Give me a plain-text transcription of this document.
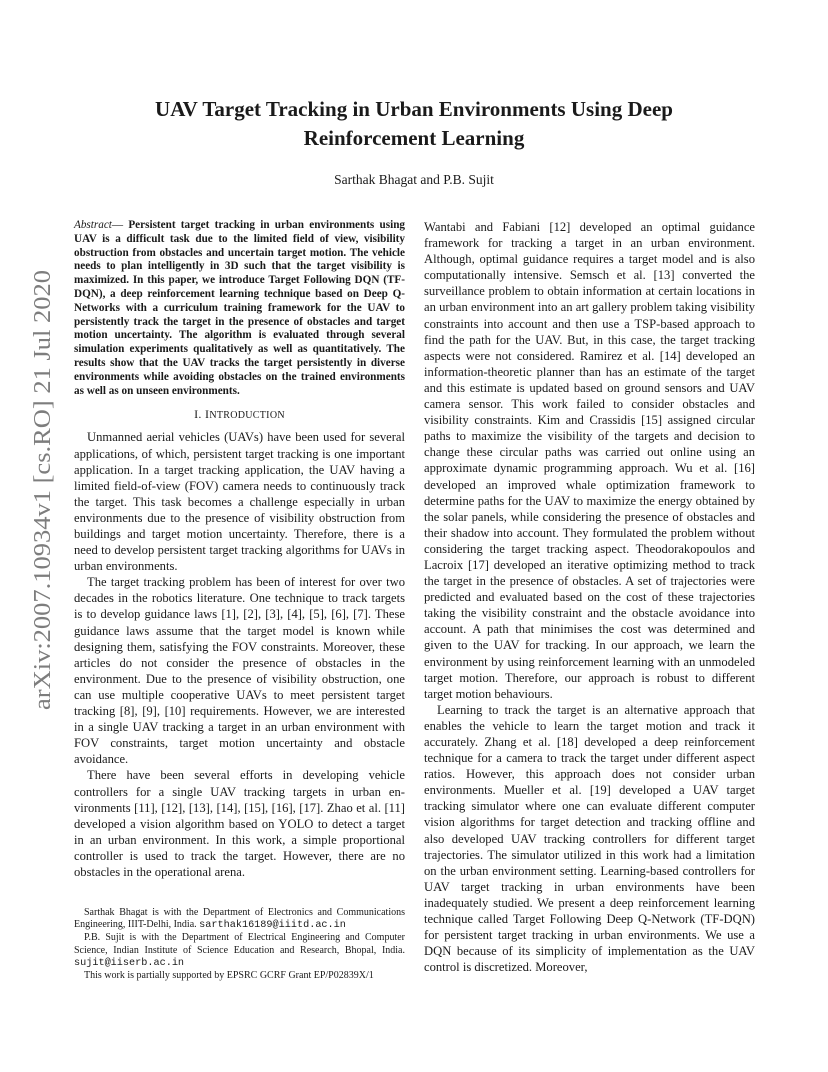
arXiv:2007.10934v1 [cs.RO] 21 Jul 2020
UAV Target Tracking in Urban Environments Using Deep Reinforcement Learning
Sarthak Bhagat and P.B. Sujit

Abstract— Persistent target tracking in urban environments using UAV is a difficult task due to the limited field of view, visibility obstruction from obstacles and uncertain target motion. The vehicle needs to plan intelligently in 3D such that the target visibility is maximized. In this paper, we introduce Target Following DQN (TF-DQN), a deep reinforcement learning technique based on Deep Q-Networks with a curriculum training framework for the UAV to persistently track the target in the presence of obstacles and target motion uncertainty. The algorithm is evaluated through several simulation experiments qualitatively as well as quantitatively. The results show that the UAV tracks the target persistently in diverse environments while avoiding obstacles on the trained environments as well as on unseen environments.

I. INTRODUCTION

Unmanned aerial vehicles (UAVs) have been used for several applications, of which, persistent target tracking is one important application. In a target tracking application, the UAV having a limited field-of-view (FOV) camera needs to continuously track the target. This task becomes a challenge especially in urban environments due to the presence of visibility obstruction from buildings and target motion uncertainty. Therefore, there is a need to develop persistent target tracking algorithms for UAVs in urban environments.

The target tracking problem has been of interest for over two decades in the robotics literature. One technique to track targets is to develop guidance laws [1], [2], [3], [4], [5], [6], [7]. These guidance laws assume that the target model is known while designing them, satisfying the FOV constraints. Moreover, these articles do not consider the presence of obstacles in the environment. Due to the presence of visibility obstruction, one can use multiple cooperative UAVs to meet persistent target tracking [8], [9], [10] requirements. However, we are interested in a single UAV tracking a target in an urban environment with FOV constraints, target motion uncertainty and obstacle avoidance.

There have been several efforts in developing vehicle controllers for a single UAV tracking targets in urban environments [11], [12], [13], [14], [15], [16], [17]. Zhao et al. [11] developed a vision algorithm based on YOLO to detect a target in an urban environment. In this work, a simple proportional controller is used to track the target. However, there are no obstacles in the operational arena.

Sarthak Bhagat is with the Department of Electronics and Communications Engineering, IIIT-Delhi, India. sarthak16189@iiitd.ac.in

P.B. Sujit is with the Department of Electrical Engineering and Computer Science, Indian Institute of Science Education and Research, Bhopal, India. sujit@iiserb.ac.in

This work is partially supported by EPSRC GCRF Grant EP/P02839X/1

Wantabi and Fabiani [12] developed an optimal guidance framework for tracking a target in an urban environment. Although, optimal guidance requires a target model and is also computationally intensive. Semsch et al. [13] converted the surveillance problem to obtain information at certain locations in an urban environment into an art gallery problem taking visibility constraints into account and then use a TSP-based approach to find the path for the UAV. But, in this case, the target tracking aspects were not considered. Ramirez et al. [14] developed an information-theoretic planner than has an estimate of the target and this estimate is updated based on ground sensors and UAV camera sensor. This work failed to consider obstacles and visibility constraints. Kim and Crassidis [15] assigned circular paths to maximize the visibility of the targets and decision to change these circular paths was carried out online using an approximate dynamic programming approach. Wu et al. [16] developed an improved whale optimization framework to determine paths for the UAV to maximize the energy obtained by the solar panels, while considering the presence of obstacles and their shadow into account. They formulated the problem without considering the target tracking aspect. Theodorakopoulos and Lacroix [17] developed an iterative optimizing method to track the target in the presence of obstacles. A set of trajectories were predicted and evaluated based on the cost of these trajectories taking the visibility constraint and the obstacle avoidance into account. A path that minimises the cost was determined and given to the UAV for tracking. In our approach, we learn the environment by using reinforcement learning with an unmodeled target motion. Therefore, our approach is robust to different target motion behaviours.

Learning to track the target is an alternative approach that enables the vehicle to learn the target motion and track it accurately. Zhang et al. [18] developed a deep reinforcement technique for a camera to track the target under different aspect ratios. However, this approach does not consider urban environments. Mueller et al. [19] developed a UAV target tracking simulator where one can evaluate different computer vision algorithms for target detection and tracking offline and also developed UAV tracking controllers for different target trajectories. The simulator utilized in this work had a limitation on the urban environment setting. Learning-based controllers for UAV target tracking in urban environments have been inadequately studied. We present a deep reinforcement learning technique called Target Following Deep Q-Network (TF-DQN) for persistent target tracking in urban environments. We use a DQN because of its simplicity of implementation as the UAV control is discretized. Moreover,
